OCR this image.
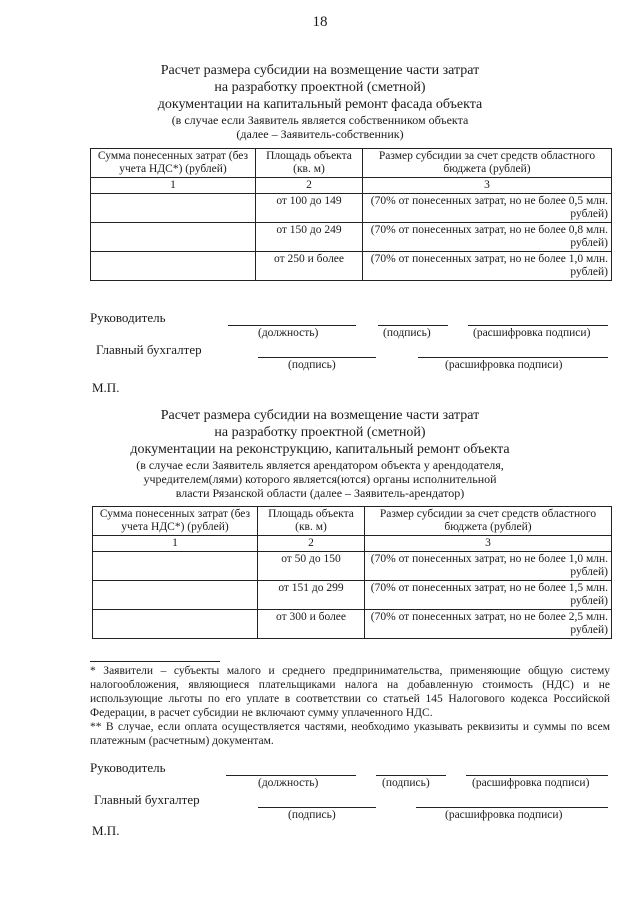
18
Расчет размера субсидии на возмещение части затрат
на разработку проектной (сметной)
документации на капитальный ремонт фасада объекта
(в случае если Заявитель является собственником объекта
(далее – Заявитель-собственник)
Сумма понесенных затрат (без учета НДС*) (рублей)	Площадь объекта (кв. м)	Размер субсидии за счет средств областного бюджета (рублей)
1	2	3
	от 100 до 149	(70% от понесенных затрат, но не более 0,5 млн. рублей)
	от 150 до 249	(70% от понесенных затрат, но не более 0,8 млн. рублей)
	от 250 и более	(70% от понесенных затрат, но не более 1,0 млн. рублей)
Руководитель
(должность)	(подпись)	(расшифровка подписи)
Главный бухгалтер
(подпись)	(расшифровка подписи)
М.П.
Расчет размера субсидии на возмещение части затрат
на разработку проектной (сметной)
документации на реконструкцию, капитальный ремонт объекта
(в случае если Заявитель является арендатором объекта у арендодателя,
учредителем(лями) которого является(ются) органы исполнительной
власти Рязанской области (далее – Заявитель-арендатор)
Сумма понесенных затрат (без учета НДС*) (рублей)	Площадь объекта (кв. м)	Размер субсидии за счет средств областного бюджета (рублей)
1	2	3
	от 50 до 150	(70% от понесенных затрат, но не более 1,0 млн. рублей)
	от 151 до 299	(70% от понесенных затрат, но не более 1,5 млн. рублей)
	от 300 и более	(70% от понесенных затрат, но не более 2,5 млн. рублей)
* Заявители – субъекты малого и среднего предпринимательства, применяющие общую систему налогообложения, являющиеся плательщиками налога на добавленную стоимость (НДС) и не использующие льготы по его уплате в соответствии со статьей 145 Налогового кодекса Российской Федерации, в расчет субсидии не включают сумму уплаченного НДС.
** В случае, если оплата осуществляется частями, необходимо указывать реквизиты и суммы по всем платежным (расчетным) документам.
Руководитель
(должность)	(подпись)	(расшифровка подписи)
Главный бухгалтер
(подпись)	(расшифровка подписи)
М.П.
